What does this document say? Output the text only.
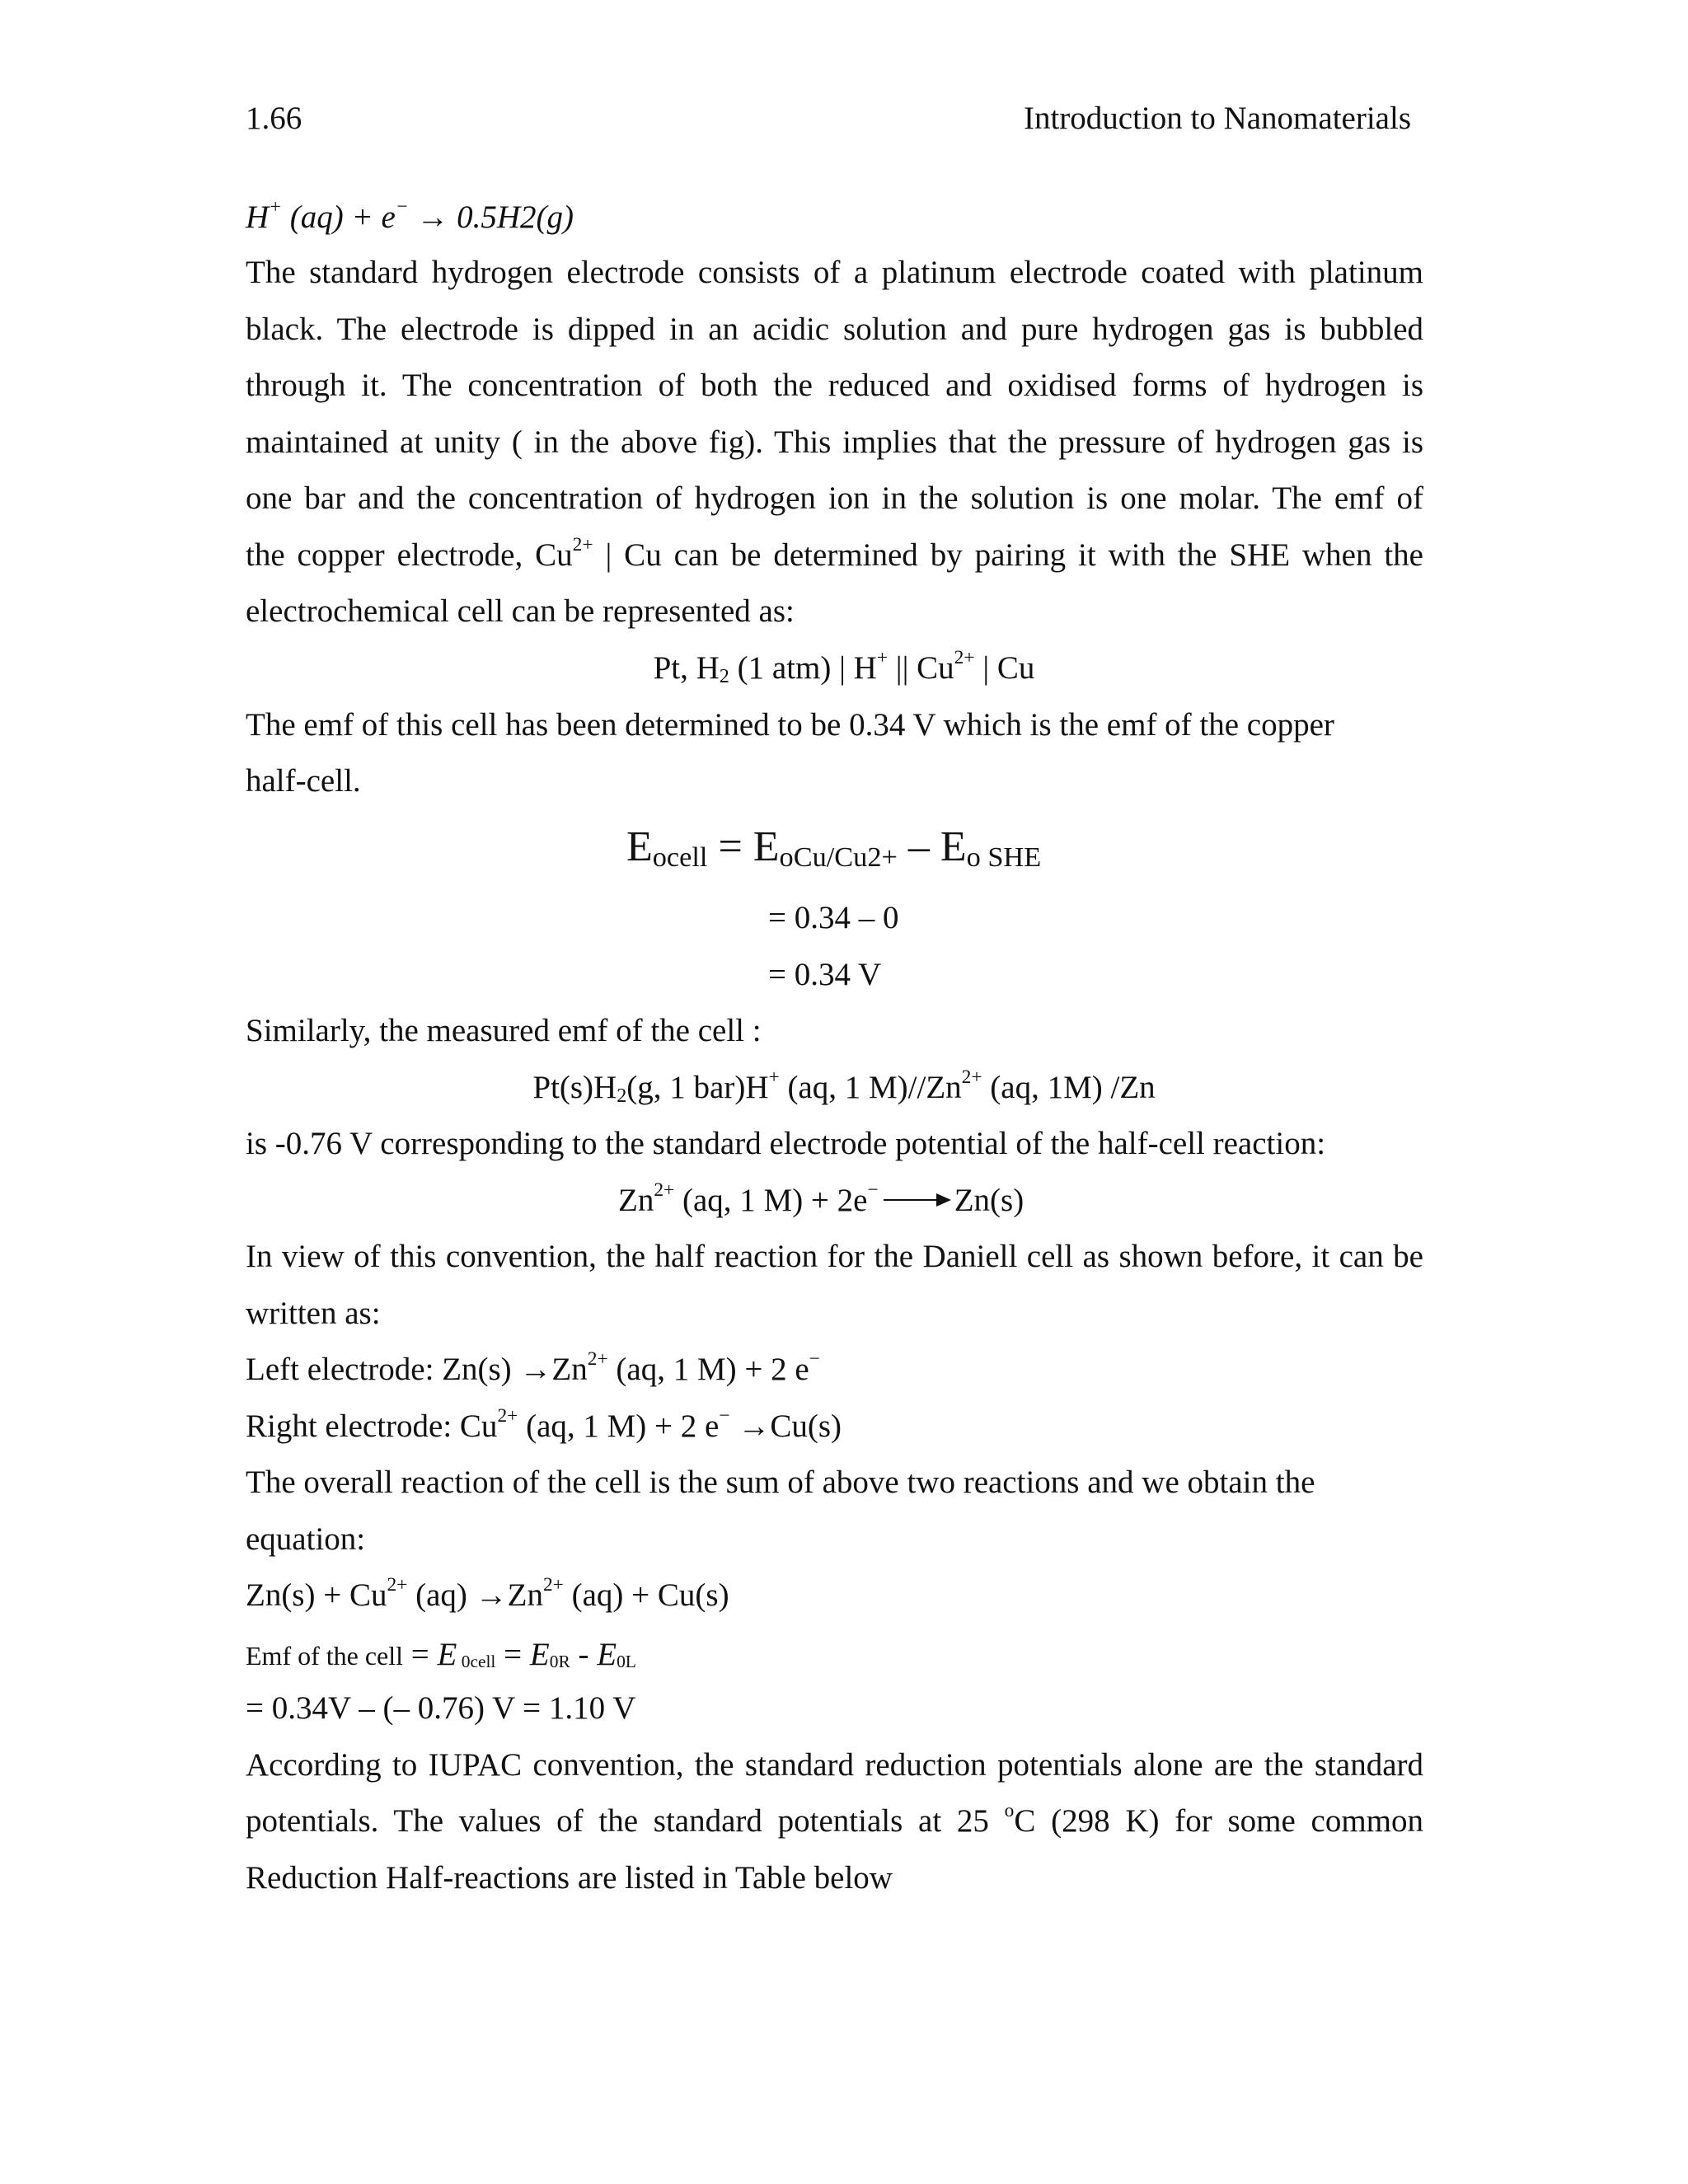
1.66	Introduction to Nanomaterials
H+ (aq) + e− → 0.5H2(g)
The standard hydrogen electrode consists of a platinum electrode coated with platinum
black. The electrode is dipped in an acidic solution and pure hydrogen gas is bubbled
through it. The concentration of both the reduced and oxidised forms of hydrogen is
maintained at unity ( in the above fig). This implies that the pressure of hydrogen gas is
one bar and the concentration of hydrogen ion in the solution is one molar. The emf of
the copper electrode, $Cu^{2+}$ | Cu can be determined by pairing it with the SHE when the
electrochemical cell can be represented as:
Pt, $H_2$ (1 atm) | H+ || $Cu^{2+}$ | Cu
The emf of this cell has been determined to be 0.34 V which is the emf of the copper
half-cell.
$E_{ocell} = E_{oCu/Cu2+} - E_{o SHE}$
= 0.34 – 0
= 0.34 V
Similarly, the measured emf of the cell :
$Pt(s)H_2(g$, 1 bar)H+ (aq, 1 $M)//Zn^{2+}$ (aq, 1M) /Zn
is -0.76 V corresponding to the standard electrode potential of the half-cell reaction:
$Zn^{2+}$ (aq, 1 M) + 2e− → Zn(s)
In view of this convention, the half reaction for the Daniell cell as shown before, it can be
written as:
Left electrode: $Zn(s) \to Zn^{2+}$ (aq, 1 M) + 2 e−
Right electrode: $Cu^{2+}$ (aq, 1 M) + 2 e− →Cu(s)
The overall reaction of the cell is the sum of above two reactions and we obtain the
equation:
$Zn(s) + Cu^{2+}$ $(aq) \to Zn^{2+}$ (aq) + Cu(s)
Emf of the cell = E $_{0cell} = E_{0R} - E_{0L}$
= 0.34V – (– 0.76) V = 1.10 V
According to IUPAC convention, the standard reduction potentials alone are the standard
potentials. The values of the standard potentials at 25 $^o$C (298 K) for some common
Reduction Half-reactions are listed in Table below
